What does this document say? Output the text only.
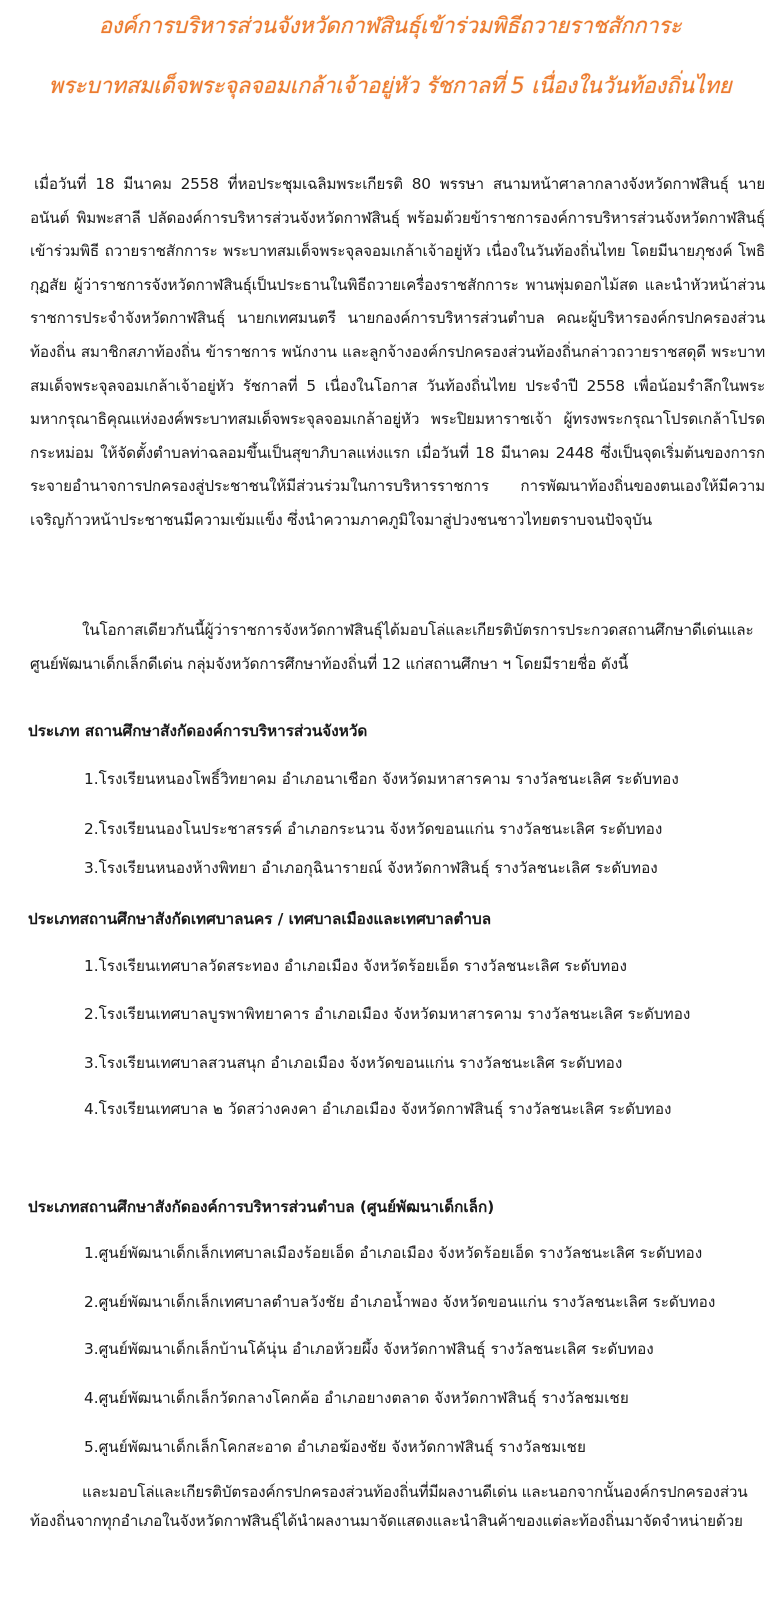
องค์การบริหารส่วนจังหวัดกาฬสินธุ์เข้าร่วมพิธีถวายราชสักการะ
พระบาทสมเด็จพระจุลจอมเกล้าเจ้าอยู่หัว รัชกาลที่ 5 เนื่องในวันท้องถิ่นไทย
เมื่อวันที่ 18 มีนาคม 2558 ที่หอประชุมเฉลิมพระเกียรติ 80 พรรษา สนามหน้าศาลากลางจังหวัดกาฬสินธุ์ นายอนันต์ พิมพะสาลี ปลัดองค์การบริหารส่วนจังหวัดกาฬสินธุ์ พร้อมด้วยข้าราชการองค์การบริหารส่วนจังหวัดกาฬสินธุ์เข้าร่วมพิธี ถวายราชสักการะ พระบาทสมเด็จพระจุลจอมเกล้าเจ้าอยู่หัว เนื่องในวันท้องถิ่นไทย โดยมีนายภุชงค์ โพธิกุฏสัย ผู้ว่าราชการจังหวัดกาฬสินธุ์เป็นประธานในพิธีถวายเครื่องราชสักการะ พานพุ่มดอกไม้สด และนำหัวหน้าส่วนราชการประจำจังหวัดกาฬสินธุ์ นายกเทศมนตรี นายกองค์การบริหารส่วนตำบล คณะผู้บริหารองค์กรปกครองส่วนท้องถิ่น สมาชิกสภาท้องถิ่น ข้าราชการ พนักงาน และลูกจ้างองค์กรปกครองส่วนท้องถิ่นกล่าวถวายราชสดุดี พระบาทสมเด็จพระจุลจอมเกล้าเจ้าอยู่หัว รัชกาลที่ 5 เนื่องในโอกาส วันท้องถิ่นไทย ประจำปี 2558 เพื่อน้อมรำลึกในพระมหากรุณาธิคุณแห่งองค์พระบาทสมเด็จพระจุลจอมเกล้าอยู่หัว พระปิยมหาราชเจ้า ผู้ทรงพระกรุณาโปรดเกล้าโปรดกระหม่อม ให้จัดตั้งตำบลท่าฉลอมขึ้นเป็นสุขาภิบาลแห่งแรก เมื่อวันที่ 18 มีนาคม 2448 ซึ่งเป็นจุดเริ่มต้นของการกระจายอำนาจการปกครองสู่ประชาชนให้มีส่วนร่วมในการบริหารราชการ การพัฒนาท้องถิ่นของตนเองให้มีความเจริญก้าวหน้าประชาชนมีความเข้มแข็ง ซึ่งนำความภาคภูมิใจมาสู่ปวงชนชาวไทยตราบจนปัจจุบัน
ในโอกาสเดียวกันนี้ผู้ว่าราชการจังหวัดกาฬสินธุ์ได้มอบโล่และเกียรติบัตรการประกวดสถานศึกษาดีเด่นและศูนย์พัฒนาเด็กเล็กดีเด่น กลุ่มจังหวัดการศึกษาท้องถิ่นที่ 12 แก่สถานศึกษา ฯ โดยมีรายชื่อ ดังนี้
ประเภท สถานศึกษาสังกัดองค์การบริหารส่วนจังหวัด
1.โรงเรียนหนองโพธิ์วิทยาคม อำเภอนาเชือก จังหวัดมหาสารคาม รางวัลชนะเลิศ ระดับทอง
2.โรงเรียนนองโนประชาสรรค์ อำเภอกระนวน จังหวัดขอนแก่น รางวัลชนะเลิศ ระดับทอง
3.โรงเรียนหนองห้างพิทยา อำเภอกุฉินารายณ์ จังหวัดกาฬสินธุ์ รางวัลชนะเลิศ ระดับทอง
ประเภทสถานศึกษาสังกัดเทศบาลนคร / เทศบาลเมืองและเทศบาลตำบล
1.โรงเรียนเทศบาลวัดสระทอง อำเภอเมือง จังหวัดร้อยเอ็ด รางวัลชนะเลิศ ระดับทอง
2.โรงเรียนเทศบาลบูรพาพิทยาคาร อำเภอเมือง จังหวัดมหาสารคาม รางวัลชนะเลิศ ระดับทอง
3.โรงเรียนเทศบาลสวนสนุก อำเภอเมือง จังหวัดขอนแก่น รางวัลชนะเลิศ ระดับทอง
4.โรงเรียนเทศบาล ๒ วัดสว่างคงคา อำเภอเมือง จังหวัดกาฬสินธุ์ รางวัลชนะเลิศ ระดับทอง
ประเภทสถานศึกษาสังกัดองค์การบริหารส่วนตำบล (ศูนย์พัฒนาเด็กเล็ก)
1.ศูนย์พัฒนาเด็กเล็กเทศบาลเมืองร้อยเอ็ด อำเภอเมือง จังหวัดร้อยเอ็ด รางวัลชนะเลิศ ระดับทอง
2.ศูนย์พัฒนาเด็กเล็กเทศบาลตำบลวังชัย อำเภอน้ำพอง จังหวัดขอนแก่น รางวัลชนะเลิศ ระดับทอง
3.ศูนย์พัฒนาเด็กเล็กบ้านโค้นุ่น อำเภอห้วยผึ้ง จังหวัดกาฬสินธุ์ รางวัลชนะเลิศ ระดับทอง
4.ศูนย์พัฒนาเด็กเล็กวัดกลางโคกค้อ อำเภอยางตลาด จังหวัดกาฬสินธุ์ รางวัลชมเชย
5.ศูนย์พัฒนาเด็กเล็กโคกสะอาด อำเภอฆ้องชัย จังหวัดกาฬสินธุ์ รางวัลชมเชย
และมอบโล่และเกียรติบัตรองค์กรปกครองส่วนท้องถิ่นที่มีผลงานดีเด่น และนอกจากนั้นองค์กรปกครองส่วนท้องถิ่นจากทุกอำเภอในจังหวัดกาฬสินธุ์ได้นำผลงานมาจัดแสดงและนำสินค้าของแต่ละท้องถิ่นมาจัดจำหน่ายด้วย
